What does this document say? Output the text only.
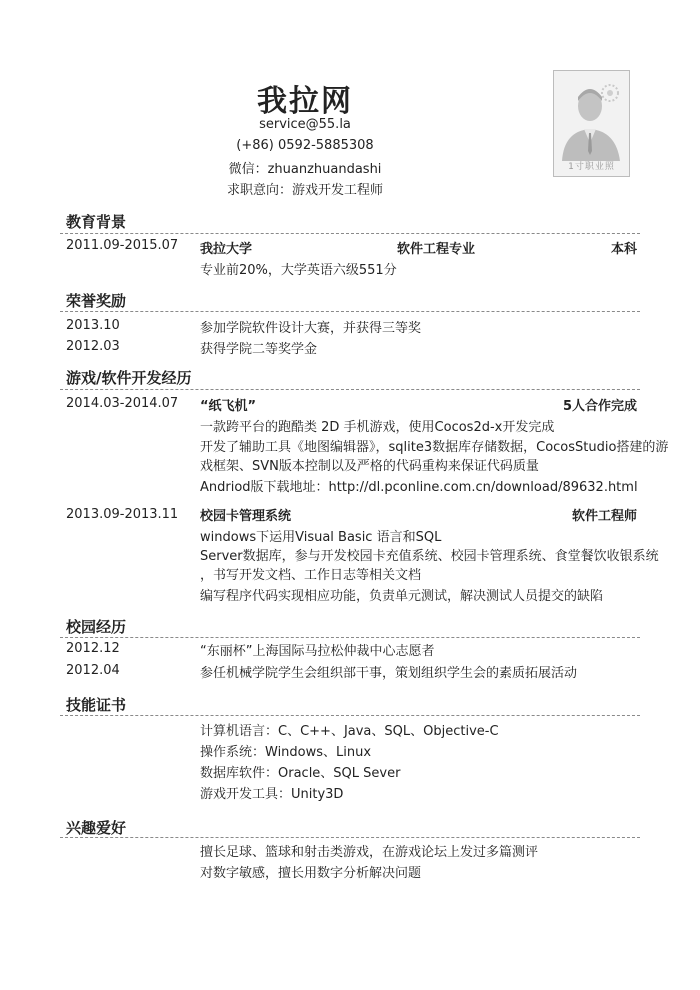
我拉网
service@55.la
(+86) 0592-5885308
微信：zhuanzhuandashi
求职意向：游戏开发工程师
1寸职业照
教育背景
2011.09-2015.07 我拉大学	软件工程专业	本科
专业前20%，大学英语六级551分
荣誉奖励
2013.10	参加学院软件设计大赛，并获得三等奖
2012.03	获得学院二等奖学金
游戏/软件开发经历
2014.03-2014.07 “纸飞机”	5人合作完成
一款跨平台的跑酷类 2D 手机游戏，使用Cocos2d-x开发完成
开发了辅助工具《地图编辑器》，sqlite3数据库存储数据，CocosStudio搭建的游
戏框架、SVN版本控制以及严格的代码重构来保证代码质量
Andriod版下载地址：http://dl.pconline.com.cn/download/89632.html
2013.09-2013.11 校园卡管理系统	软件工程师
windows下运用Visual Basic 语言和SQL
Server数据库，参与开发校园卡充值系统、校园卡管理系统、食堂餐饮收银系统
，书写开发文档、工作日志等相关文档
编写程序代码实现相应功能，负责单元测试，解决测试人员提交的缺陷
校园经历
2012.12	“东丽杯”上海国际马拉松仲裁中心志愿者
2012.04	参任机械学院学生会组织部干事，策划组织学生会的素质拓展活动
技能证书
计算机语言：C、C++、Java、SQL、Objective-C
操作系统：Windows、Linux
数据库软件：Oracle、SQL Sever
游戏开发工具：Unity3D
兴趣爱好
擅长足球、篮球和射击类游戏，在游戏论坛上发过多篇测评
对数字敏感，擅长用数字分析解决问题
